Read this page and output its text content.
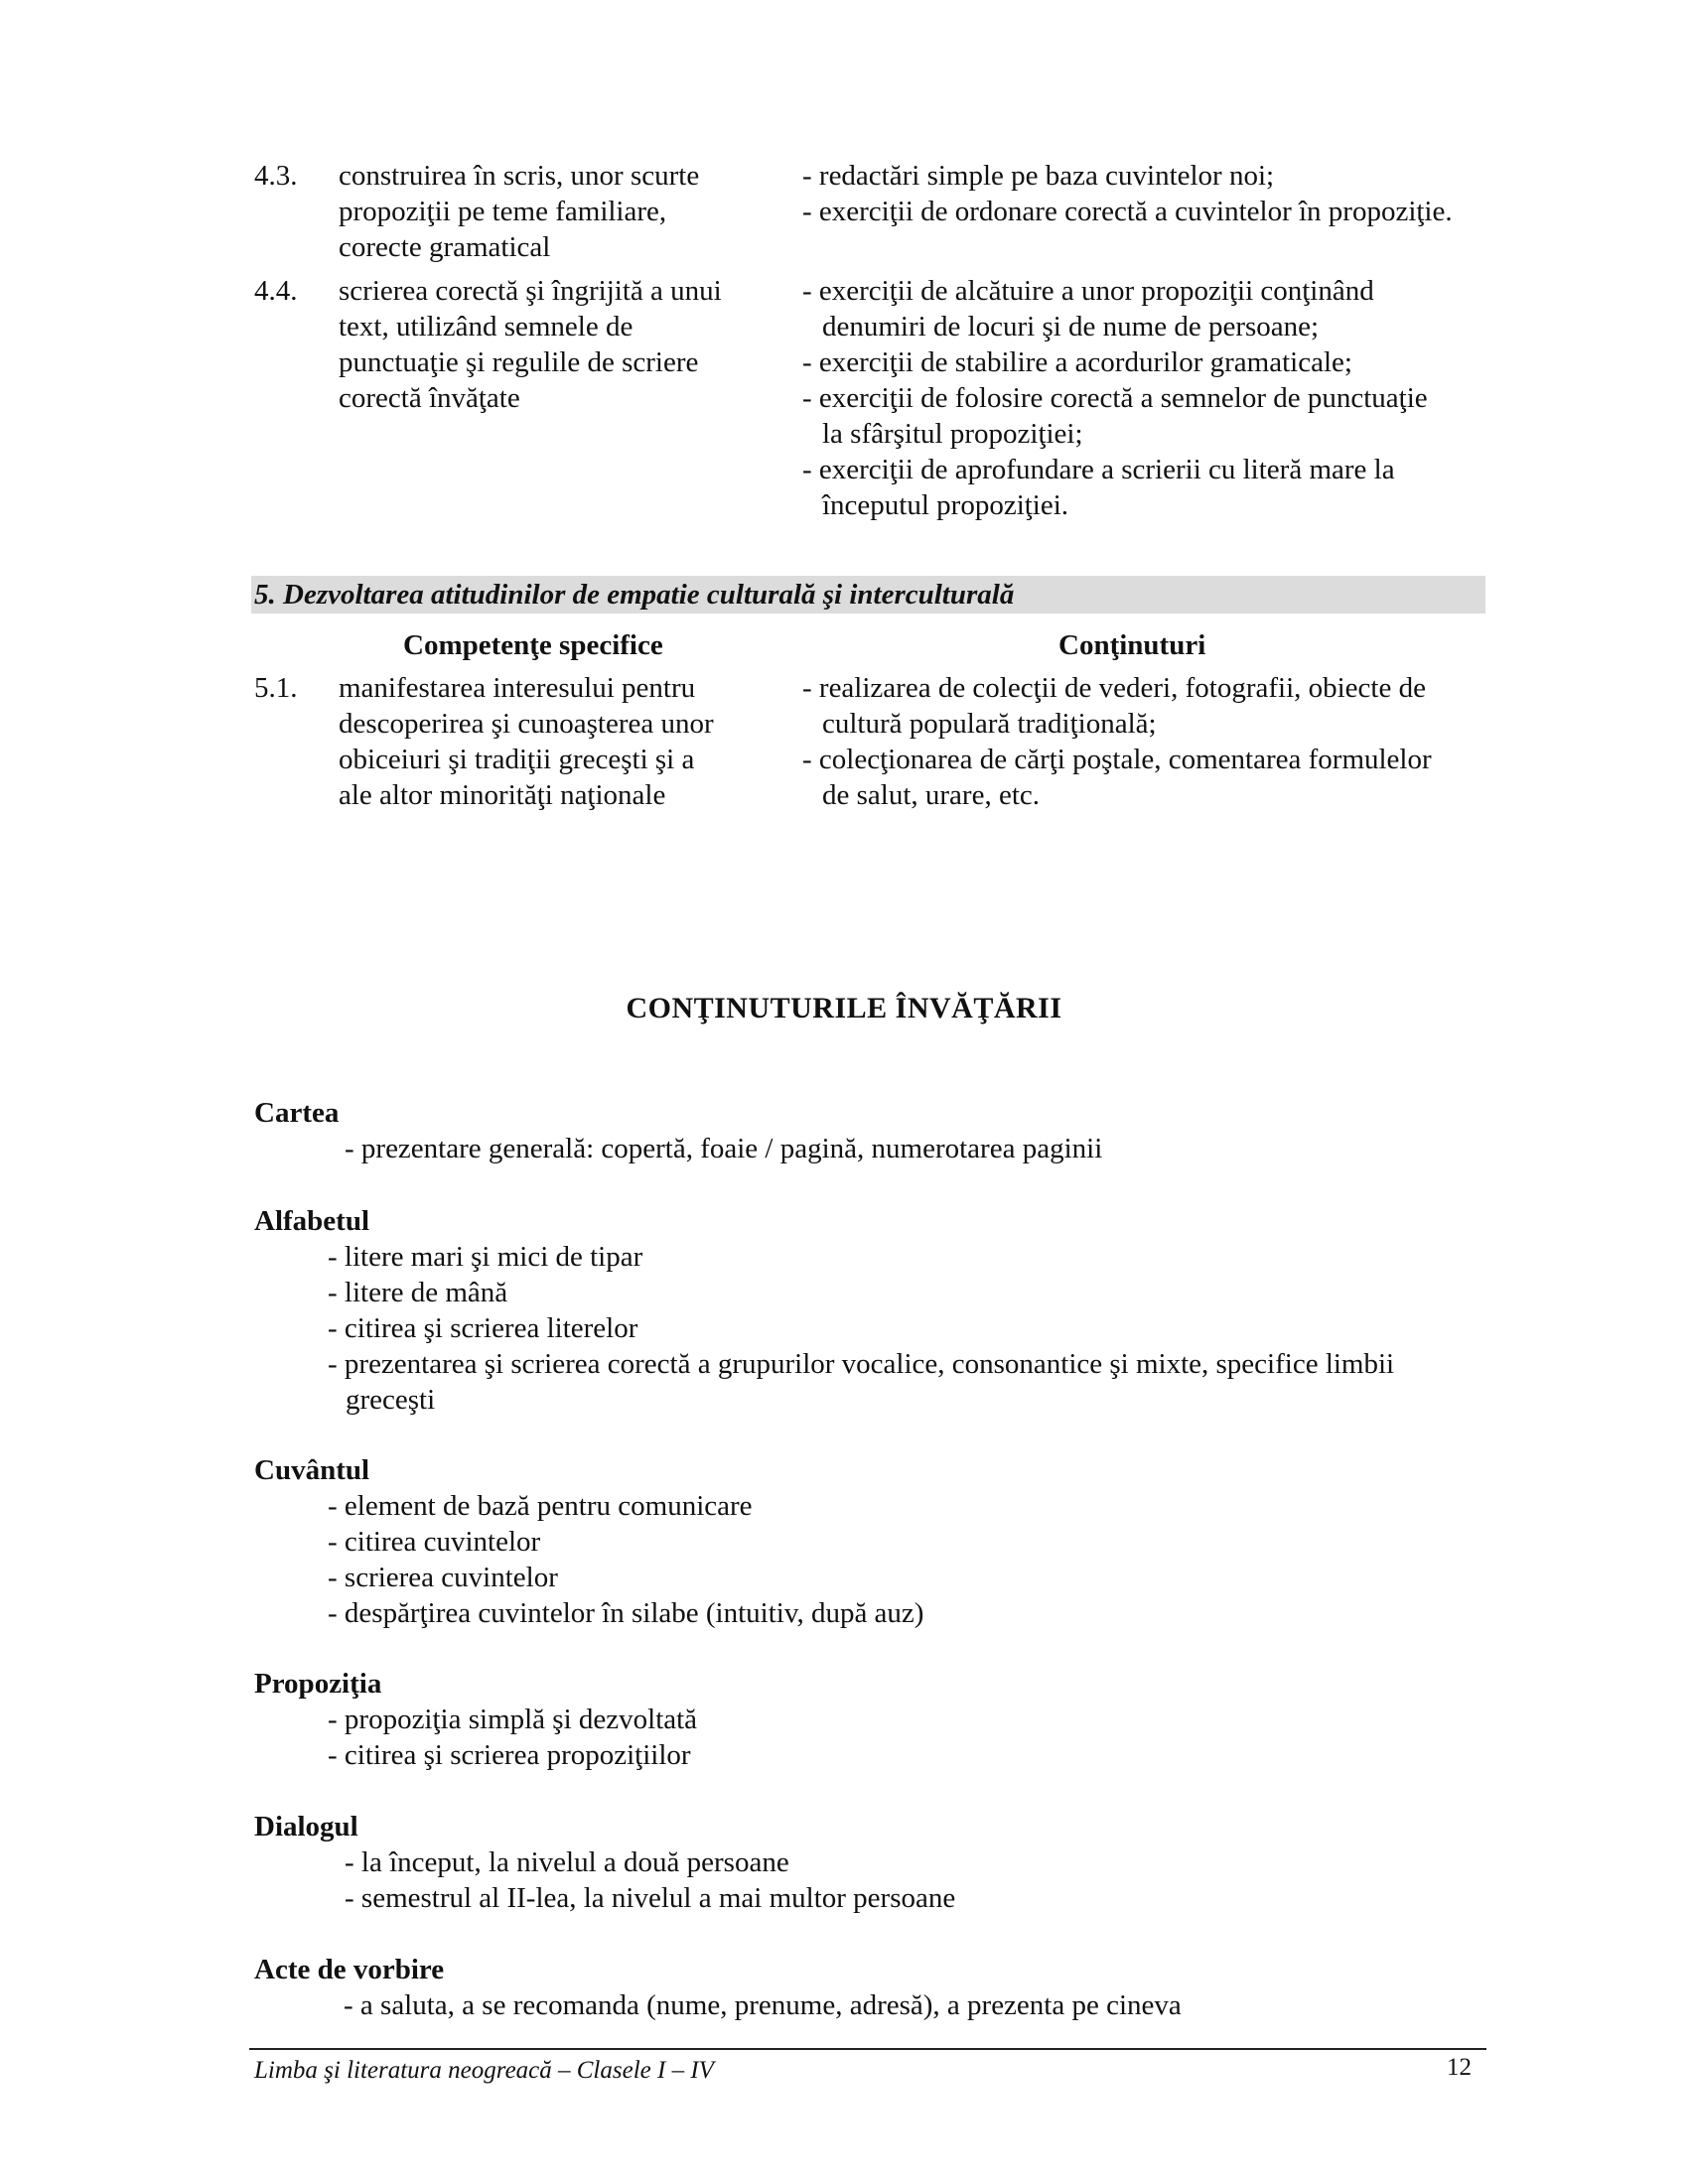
4.3. construirea în scris, unor scurte
propoziţii pe teme familiare,
corecte gramatical
- redactări simple pe baza cuvintelor noi;
- exerciţii de ordonare corectă a cuvintelor în propoziţie.
4.4. scrierea corectă şi îngrijită a unui
text, utilizând semnele de
punctuaţie şi regulile de scriere
corectă învăţate
- exerciţii de alcătuire a unor propoziţii conţinând
denumiri de locuri şi de nume de persoane;
- exerciţii de stabilire a acordurilor gramaticale;
- exerciţii de folosire corectă a semnelor de punctuaţie
la sfârşitul propoziţiei;
- exerciţii de aprofundare a scrierii cu literă mare la
începutul propoziţiei.
5. Dezvoltarea atitudinilor de empatie culturală şi interculturală
Competenţe specifice	Conţinuturi
5.1. manifestarea interesului pentru
descoperirea şi cunoaşterea unor
obiceiuri şi tradiţii greceşti şi a
ale altor minorităţi naţionale
- realizarea de colecţii de vederi, fotografii, obiecte de
cultură populară tradiţională;
- colecţionarea de cărţi poştale, comentarea formulelor
de salut, urare, etc.
CONŢINUTURILE ÎNVĂŢĂRII
Cartea
- prezentare generală: copertă, foaie / pagină, numerotarea paginii
Alfabetul
- litere mari şi mici de tipar
- litere de mână
- citirea şi scrierea literelor
- prezentarea şi scrierea corectă a grupurilor vocalice, consonantice şi mixte, specifice limbii
greceşti
Cuvântul
- element de bază pentru comunicare
- citirea cuvintelor
- scrierea cuvintelor
- despărţirea cuvintelor în silabe (intuitiv, după auz)
Propoziţia
- propoziţia simplă şi dezvoltată
- citirea şi scrierea propoziţiilor
Dialogul
- la început, la nivelul a două persoane
- semestrul al II-lea, la nivelul a mai multor persoane
Acte de vorbire
- a saluta, a se recomanda (nume, prenume, adresă), a prezenta pe cineva
Limba şi literatura neogreacă – Clasele I – IV	12
